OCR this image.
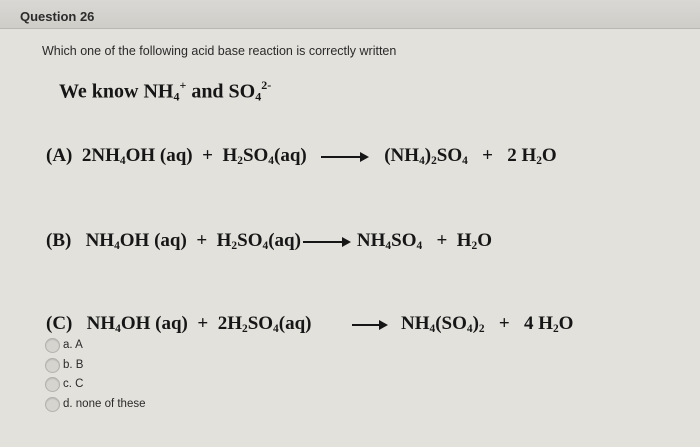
Question 26
Which one of the following acid base reaction is correctly written
We know $NH_4^+$ and $SO_4^{2-}$
(A) $2NH_4OH$ $(aq) + H_2SO_4(aq) \to (NH_4)_2SO_4 + 2$ $H_2O$
(B) $NH_4OH$ $(aq) + H_2SO_4(aq) \to NH_4SO_4 + H_2O$
(C) $NH_4OH$ $(aq) + 2H_2SO_4(aq) \to NH_4(SO_4)_2 + 4$ $H_2O$
a. A
b. B
c. C
d. none of these
